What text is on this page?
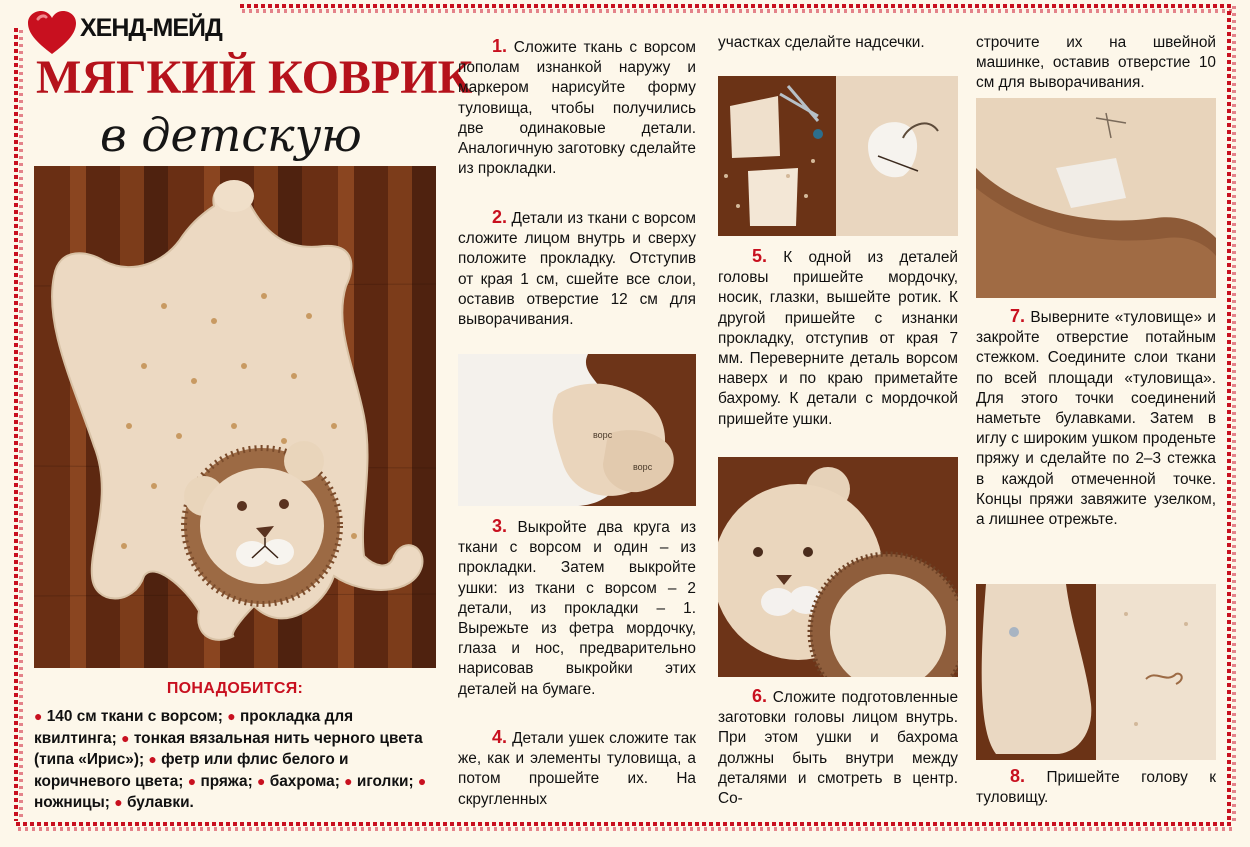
ХЕНД-МЕЙД
МЯГКИЙ КОВРИК
в детскую
ПОНАДОБИТСЯ:
● 140 см ткани с ворсом; ● прокладка для квилтинга; ● тонкая вязальная нить черного цвета (типа «Ирис»); ● фетр или флис белого и коричневого цвета; ● пряжа; ● бахрома; ● иголки; ● ножницы; ● булавки.
1. Сложите ткань с ворсом пополам изнанкой наружу и маркером нарисуйте форму туловища, чтобы получились две одинаковые детали. Аналогичную заготовку сделайте из прокладки.
2. Детали из ткани с ворсом сложите лицом внутрь и сверху положите прокладку. Отступив от края 1 см, сшейте все слои, оставив отверстие 12 см для выворачивания.
ворс
ворс
3. Выкройте два круга из ткани с ворсом и один – из прокладки. Затем выкройте ушки: из ткани с ворсом – 2 детали, из прокладки – 1. Вырежьте из фетра мордочку, глаза и нос, предварительно нарисовав выкройки этих деталей на бумаге.
4. Детали ушек сложите так же, как и элементы туловища, а потом прошейте их. На скругленных
участках сделайте надсечки.
5. К одной из деталей головы пришейте мордочку, носик, глазки, вышейте ротик. К другой пришейте с изнанки прокладку, отступив от края 7 мм. Переверните деталь ворсом наверх и по краю приметайте бахрому. К детали с мордочкой пришейте ушки.
6. Сложите подготовленные заготовки головы лицом внутрь. При этом ушки и бахрома должны быть внутри между деталями и смотреть в центр. Со-
строчите их на швейной машинке, оставив отверстие 10 см для выворачивания.
7. Выверните «туловище» и закройте отверстие потайным стежком. Соедините слои ткани по всей площади «туловища». Для этого точки соединений наметьте булавками. Затем в иглу с широким ушком проденьте пряжу и сделайте по 2–3 стежка в каждой отмеченной точке. Концы пряжи завяжите узелком, а лишнее отрежьте.
8. Пришейте голову к туловищу.
